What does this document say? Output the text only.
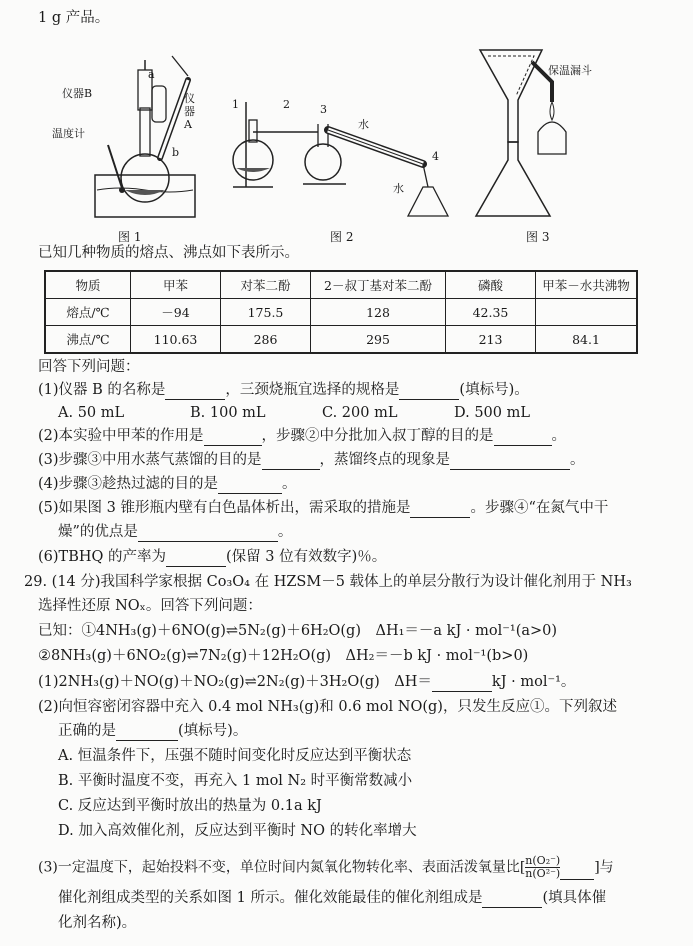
1 g 产品。
仪器B
温度计
仪器A
a
b
图 1
1	2	3
4
水
水
图 2
保温漏斗
图 3
已知几种物质的熔点、沸点如下表所示。
物质	甲苯	对苯二酚	2－叔丁基对苯二酚	磷酸	甲苯－水共沸物
熔点/℃	－94	175.5	128	42.35	
沸点/℃	110.63	286	295	213	84.1
回答下列问题：
(1)仪器 B 的名称是	，三颈烧瓶宜选择的规格是	(填标号)。
A. 50 mL	B. 100 mL	C. 200 mL	D. 500 mL
(2)本实验中甲苯的作用是	，步骤②中分批加入叔丁醇的目的是	。
(3)步骤③中用水蒸气蒸馏的目的是	，蒸馏终点的现象是	。
(4)步骤③趁热过滤的目的是	。
(5)如果图 3 锥形瓶内壁有白色晶体析出，需采取的措施是	。步骤④“在氮气中干
燥”的优点是	。
(6)TBHQ 的产率为	(保留 3 位有效数字)％。
29. (14 分)我国科学家根据 Co₃O₄ 在 HZSM－5 载体上的单层分散行为设计催化剂用于 NH₃
选择性还原 NOₓ。回答下列问题：
已知：①4NH₃(g)＋6NO(g)⇌5N₂(g)＋6H₂O(g)　ΔH₁＝－a kJ · mol⁻¹(a>0)
②8NH₃(g)＋6NO₂(g)⇌7N₂(g)＋12H₂O(g)　ΔH₂＝－b kJ · mol⁻¹(b>0)
(1)2NH₃(g)＋NO(g)＋NO₂(g)⇌2N₂(g)＋3H₂O(g)　ΔH＝	kJ · mol⁻¹。
(2)向恒容密闭容器中充入 0.4 mol NH₃(g)和 0.6 mol NO(g)，只发生反应①。下列叙述
正确的是	(填标号)。
A. 恒温条件下，压强不随时间变化时反应达到平衡状态
B. 平衡时温度不变，再充入 1 mol N₂ 时平衡常数减小
C. 反应达到平衡时放出的热量为 0.1a kJ
D. 加入高效催化剂，反应达到平衡时 NO 的转化率增大
(3)一定温度下，起始投料不变，单位时间内氮氧化物转化率、表面活泼氧量比[ $\frac{\text{n(O₂⁻)}}{\text{n(O²⁻)}}$ ]与
催化剂组成类型的关系如图 1 所示。催化效能最佳的催化剂组成是	(填具体催
化剂名称)。
